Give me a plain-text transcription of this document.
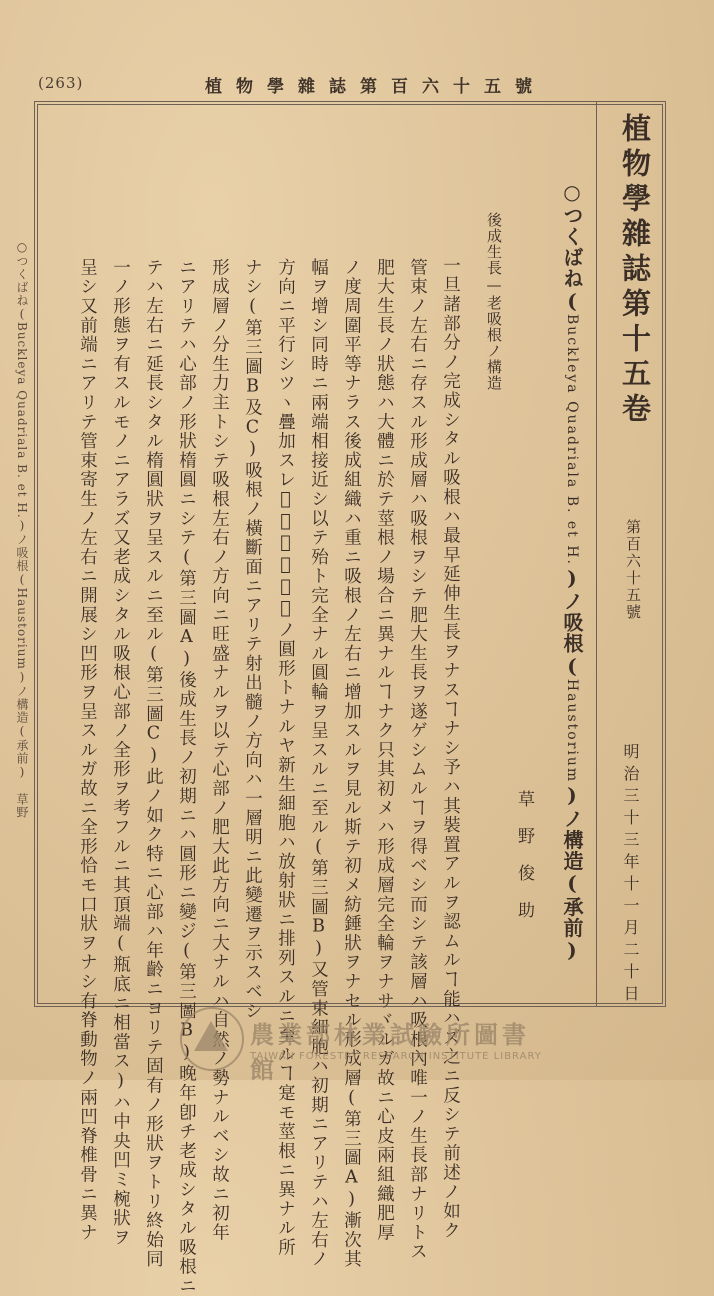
(263)	植物學雜誌第百六十五號
植物學雜誌第十五卷
第百六十五號
明治三十三年十一月二十日
○つくばね(Buckleya Quadriala B. et H.)ノ吸根(Haustorium)ノ構造(承前)
草野俊助
後成生長—老吸根ノ構造
一旦諸部分ノ完成シタル吸根ハ最早延伸生長ヲナスヿナシ予ハ其裝置アルヲ認ムルヿ能ハズ之ニ反シテ前述ノ如ク
管束ノ左右ニ存スル形成層ハ吸根ヲシテ肥大生長ヲ遂ゲシムルヿヲ得ベシ而シテ該層ハ吸根內唯一ノ生長部ナリトス
肥大生長ノ狀態ハ大體ニ於テ莖根ノ場合ニ異ナルヿナク只其初メハ形成層完全輪ヲナサヾルガ故ニ心皮兩組織肥厚
ノ度周圍平等ナラス後成組織ハ重ニ吸根ノ左右ニ增加スルヲ見ル斯テ初メ紡錘狀ヲナセル形成層(第三圖A)漸次其
幅ヲ增シ同時ニ兩端相接近シ以テ殆ト完全ナル圓輪ヲ呈スルニ至ル(第三圖B)又管束細胞ハ初期ニアリテハ左右ノ
方向ニ平行シツヽ疊加スレ𪜈一旦形成層ノ圓形トナルヤ新生細胞ハ放射狀ニ排列スルニ至ルヿ寔モ莖根ニ異ナル所
ナシ(第三圖B及C)吸根ノ橫斷面ニアリテ射出髓ノ方向ハ一層明ニ此變遷ヲ示スベシ
形成層ノ分生力主トシテ吸根左右ノ方向ニ旺盛ナルヲ以テ心部ノ肥大此方向ニ大ナルハ自然ノ勢ナルベシ故ニ初年
ニアリテハ心部ノ形狀楕圓ニシテ(第三圖A)後成生長ノ初期ニハ圓形ニ變ジ(第三圖B)晚年卽チ老成シタル吸根ニ
テハ左右ニ延長シタル楕圓狀ヲ呈スルニ至ル(第三圖C)此ノ如ク特ニ心部ハ年齡ニヨリテ固有ノ形狀ヲトリ終始同
一ノ形態ヲ有スルモノニアラズ又老成シタル吸根心部ノ全形ヲ考フルニ其頂端(瓶底ニ相當ス)ハ中央凹ミ椀狀ヲ
呈シ又前端ニアリテ管束寄生ノ左右ニ開展シ凹形ヲ呈スルガ故ニ全形恰モ口狀ヲナシ有脊動物ノ兩凹脊椎骨ニ異ナ
○つくばね(Buckleya Quadriala B. et H.)ノ吸根(Haustorium)ノ構造(承前)　草野
農業部林業試驗所圖書館
TAIWAN FORESTRY RESEARCH INSTITUTE LIBRARY
